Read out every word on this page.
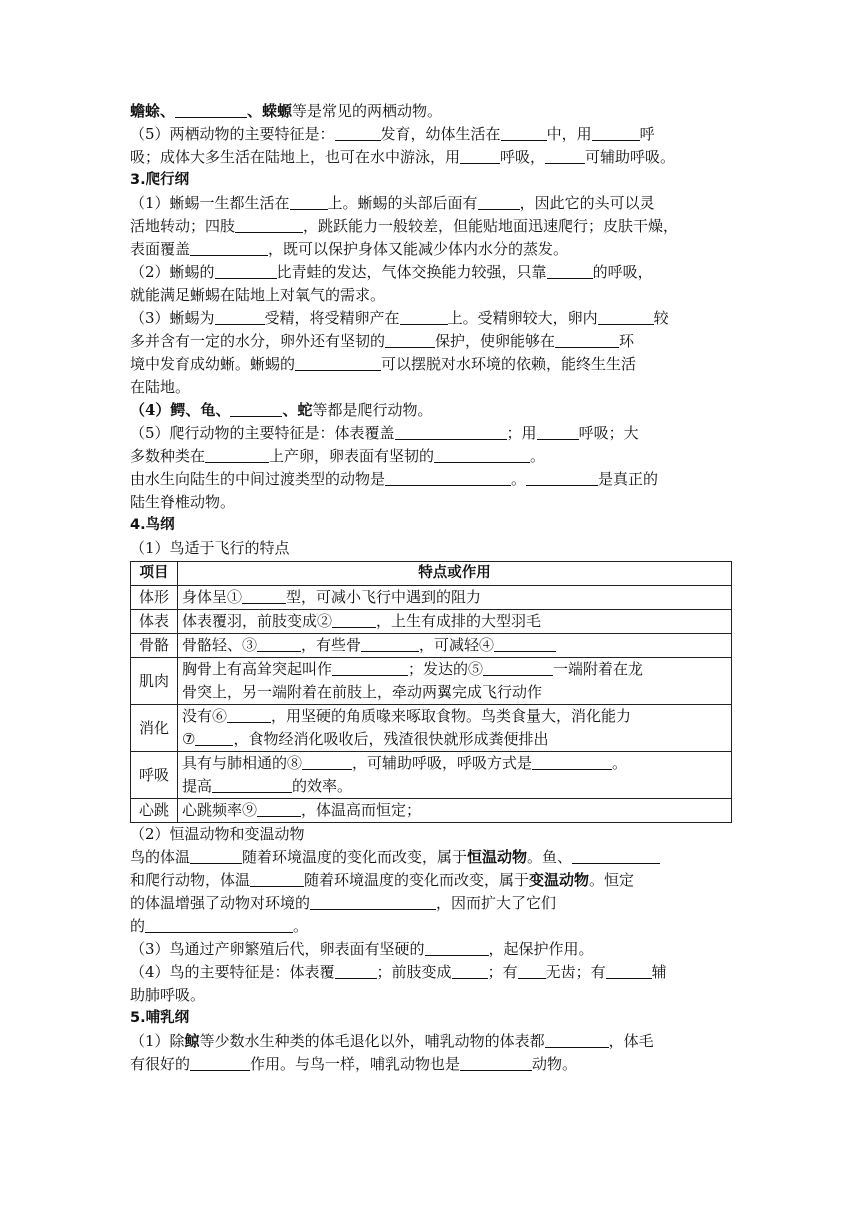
蟾蜍、	、蝾螈等是常见的两栖动物。
（5）两栖动物的主要特征是：	发育，幼体生活在	中，用	呼
吸；成体大多生活在陆地上，也可在水中游泳，用	呼吸，	可辅助呼吸。
3.爬行纲
（1）蜥蜴一生都生活在	上。蜥蜴的头部后面有	，因此它的头可以灵
活地转动；四肢	，跳跃能力一般较差，但能贴地面迅速爬行；皮肤干燥，
表面覆盖	，既可以保护身体又能减少体内水分的蒸发。
（2）蜥蜴的	比青蛙的发达，气体交换能力较强，只靠	的呼吸，
就能满足蜥蜴在陆地上对氧气的需求。
（3）蜥蜴为	受精，将受精卵产在	上。受精卵较大，卵内	较
多并含有一定的水分，卵外还有坚韧的	保护，使卵能够在	环
境中发育成幼蜥。蜥蜴的	可以摆脱对水环境的依赖，能终生生活
在陆地。
（4）鳄、龟、	、蛇等都是爬行动物。
（5）爬行动物的主要特征是：体表覆盖	；用	呼吸；大
多数种类在	上产卵，卵表面有坚韧的	。
由水生向陆生的中间过渡类型的动物是	。	是真正的
陆生脊椎动物。
4.鸟纲
（1）鸟适于飞行的特点
项目	特点或作用
体形	身体呈① 型，可减小飞行中遇到的阻力
体表	体表覆羽，前肢变成② ，上生有成排的大型羽毛
骨骼	骨骼轻、③ ，有些骨 ，可减轻④
肌肉	胸骨上有高耸突起叫作 ；发达的⑤ 一端附着在龙
骨突上，另一端附着在前肢上，牵动两翼完成飞行动作

消化	没有⑥ ，用坚硬的角质喙来啄取食物。鸟类食量大，消化能力
⑦ ，食物经消化吸收后，残渣很快就形成粪便排出

呼吸	具有与肺相通的⑧ ，可辅助呼吸，呼吸方式是 。
提高 的效率。

心跳	心跳频率⑨ ，体温高而恒定；
（2）恒温动物和变温动物
鸟的体温	随着环境温度的变化而改变，属于恒温动物。鱼、
和爬行动物，体温	随着环境温度的变化而改变，属于变温动物。恒定
的体温增强了动物对环境的	，因而扩大了它们
的	。
（3）鸟通过产卵繁殖后代，卵表面有坚硬的	，起保护作用。
（4）鸟的主要特征是：体表覆	；前肢变成 ；有 无齿；有	辅
助肺呼吸。
5.哺乳纲
（1）除鲸等少数水生种类的体毛退化以外，哺乳动物的体表都	，体毛
有很好的	作用。与鸟一样，哺乳动物也是	动物。
